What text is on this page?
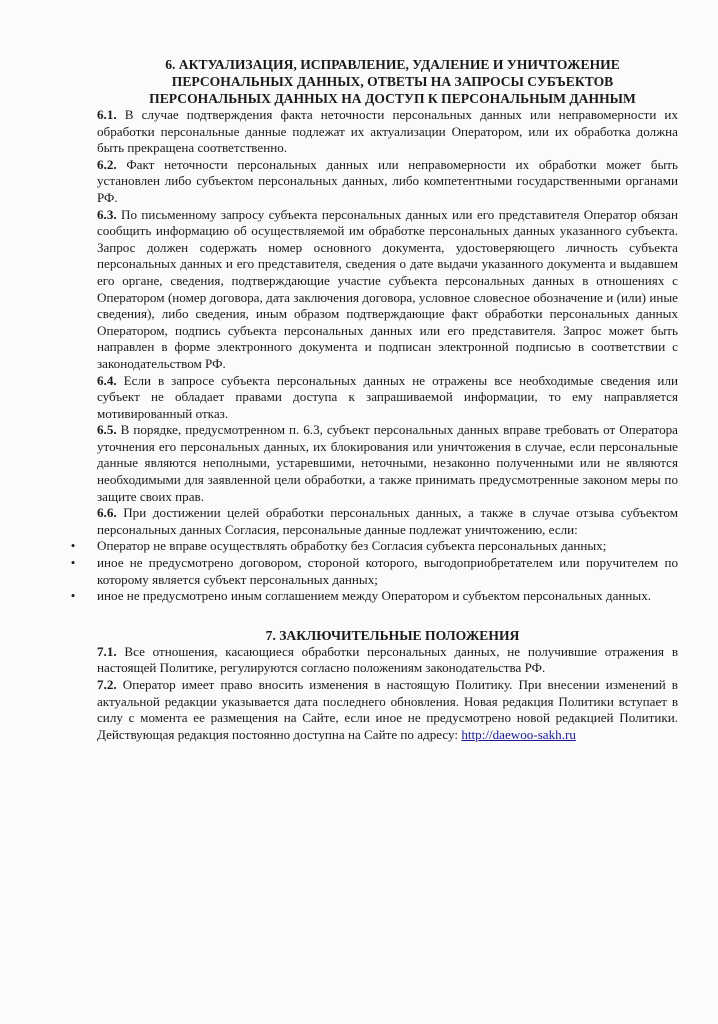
6. АКТУАЛИЗАЦИЯ, ИСПРАВЛЕНИЕ, УДАЛЕНИЕ И УНИЧТОЖЕНИЕ
ПЕРСОНАЛЬНЫХ ДАННЫХ, ОТВЕТЫ НА ЗАПРОСЫ СУБЪЕКТОВ
ПЕРСОНАЛЬНЫХ ДАННЫХ НА ДОСТУП К ПЕРСОНАЛЬНЫМ ДАННЫМ

6.1. В случае подтверждения факта неточности персональных данных или неправомерности их обработки персональные данные подлежат их актуализации Оператором, или их обработка должна быть прекращена соответственно.

6.2. Факт неточности персональных данных или неправомерности их обработки может быть установлен либо субъектом персональных данных, либо компетентными государственными органами РФ.

6.3. По письменному запросу субъекта персональных данных или его представителя Оператор обязан сообщить информацию об осуществляемой им обработке персональных данных указанного субъекта. Запрос должен содержать номер основного документа, удостоверяющего личность субъекта персональных данных и его представителя, сведения о дате выдачи указанного документа и выдавшем его органе, сведения, подтверждающие участие субъекта персональных данных в отношениях с Оператором (номер договора, дата заключения договора, условное словесное обозначение и (или) иные сведения), либо сведения, иным образом подтверждающие факт обработки персональных данных Оператором, подпись субъекта персональных данных или его представителя. Запрос может быть направлен в форме электронного документа и подписан электронной подписью в соответствии с законодательством РФ.

6.4. Если в запросе субъекта персональных данных не отражены все необходимые сведения или субъект не обладает правами доступа к запрашиваемой информации, то ему направляется мотивированный отказ.

6.5. В порядке, предусмотренном п. 6.3, субъект персональных данных вправе требовать от Оператора уточнения его персональных данных, их блокирования или уничтожения в случае, если персональные данные являются неполными, устаревшими, неточными, незаконно полученными или не являются необходимыми для заявленной цели обработки, а также принимать предусмотренные законом меры по защите своих прав.

6.6. При достижении целей обработки персональных данных, а также в случае отзыва субъектом персональных данных Согласия, персональные данные подлежат уничтожению, если:

• Оператор не вправе осуществлять обработку без Согласия субъекта персональных данных;
• иное не предусмотрено договором, стороной которого, выгодоприобретателем или поручителем по которому является субъект персональных данных;
• иное не предусмотрено иным соглашением между Оператором и субъектом персональных данных.
7. ЗАКЛЮЧИТЕЛЬНЫЕ ПОЛОЖЕНИЯ

7.1. Все отношения, касающиеся обработки персональных данных, не получившие отражения в настоящей Политике, регулируются согласно положениям законодательства РФ.

7.2. Оператор имеет право вносить изменения в настоящую Политику. При внесении изменений в актуальной редакции указывается дата последнего обновления. Новая редакция Политики вступает в силу с момента ее размещения на Сайте, если иное не предусмотрено новой редакцией Политики. Действующая редакция постоянно доступна на Сайте по адресу: http://daewoo-sakh.ru
